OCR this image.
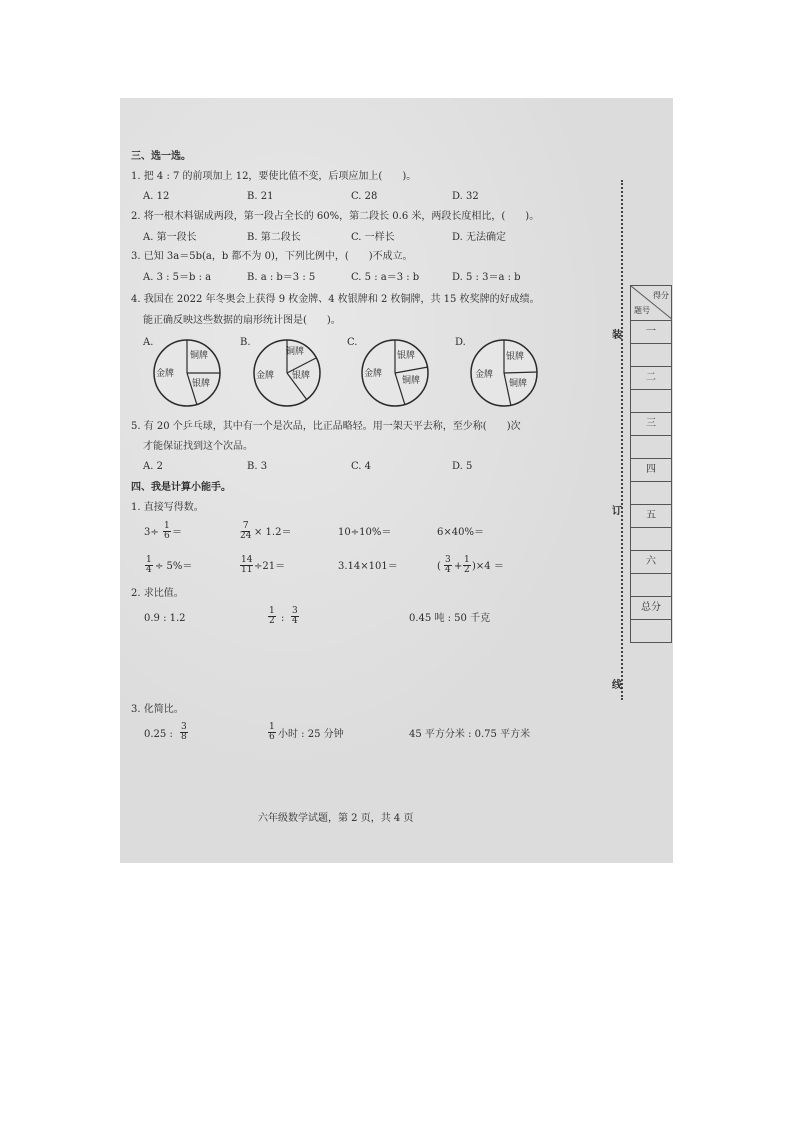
三、选一选。
1. 把 4 : 7 的前项加上 12，要使比值不变，后项应加上(　　)。
A. 12	B. 21	C. 28	D. 32
2. 将一根木料锯成两段，第一段占全长的 60%，第二段长 0.6 米，两段长度相比，(　　)。
A. 第一段长	B. 第二段长	C. 一样长	D. 无法确定
3. 已知 3a＝5b(a，b 都不为 0)，下列比例中，(　　)不成立。
A. 3 : 5＝b : a	B. a : b＝3 : 5	C. 5 : a＝3 : b	D. 5 : 3＝a : b
4. 我国在 2022 年冬奥会上获得 9 枚金牌、4 枚银牌和 2 枚铜牌，共 15 枚奖牌的好成绩。
能正确反映这些数据的扇形统计图是(　　)。
A.
金牌
铜牌
银牌
B.
金牌
铜牌
银牌
C.
金牌
银牌
铜牌
D.
金牌
银牌
铜牌
5. 有 20 个乒乓球，其中有一个是次品，比正品略轻。用一架天平去称，至少称(　　)次
才能保证找到这个次品。
A. 2	B. 3	C. 4	D. 5
四、我是计算小能手。
1. 直接写得数。
$3\div \frac{1}{6}$ ＝	$\frac{7}{24} \times 1.2=$	10÷10%＝	6×40%＝
$\frac{1}{4} \div 5\%=$	$\frac{14}{11} \div 21=$	3.14×101＝	( $\frac{3}{4} + \frac{1}{2} )\times 4$ ＝
2. 求比值。
0.9 : 1.2	$\frac{1}{2}$ : $\frac{3}{4}$	0.45 吨 : 50 千克
3. 化简比。
0.25 : $\frac{3}{8}$	$\frac{1}{6}$ 小时 : 25 分钟	45 平方分米 : 0.75 平方米
六年级数学试题，第 2 页，共 4 页
装
订
线
得分
题号
一
二
三
四
五
六
总分
